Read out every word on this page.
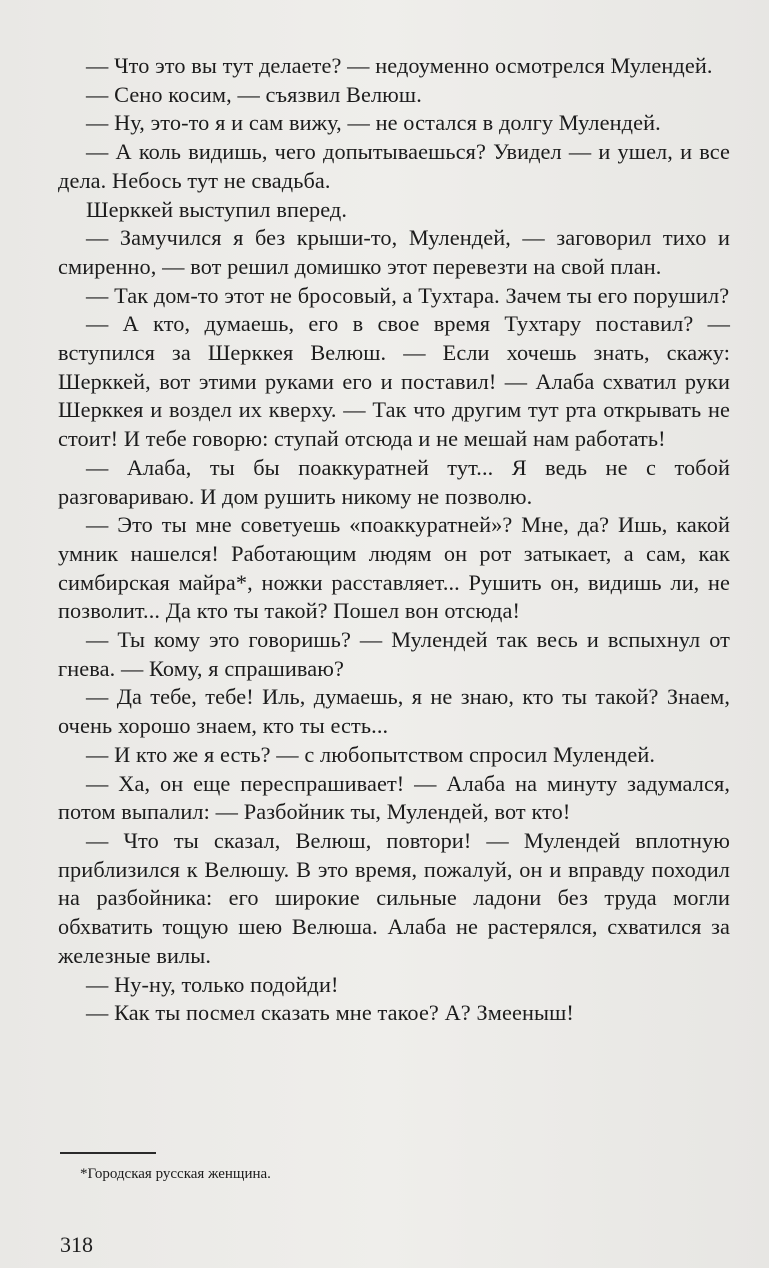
— Что это вы тут делаете? — недоуменно осмотрелся Мулендей.

— Сено косим, — съязвил Велюш.

— Ну, это-то я и сам вижу, — не остался в долгу Мулендей.

— А коль видишь, чего допытываешься? Увидел — и ушел, и все дела. Небось тут не свадьба.

Шерккей выступил вперед.

— Замучился я без крыши-то, Мулендей, — заговорил тихо и смиренно, — вот решил домишко этот перевезти на свой план.

— Так дом-то этот не бросовый, а Тухтара. Зачем ты его порушил?

— А кто, думаешь, его в свое время Тухтару поставил? — вступился за Шерккея Велюш. — Если хочешь знать, скажу: Шерккей, вот этими руками его и поставил! — Алаба схватил руки Шерккея и воздел их кверху. — Так что другим тут рта открывать не стоит! И тебе говорю: ступай отсюда и не мешай нам работать!

— Алаба, ты бы поаккуратней тут... Я ведь не с тобой разговариваю. И дом рушить никому не позволю.

— Это ты мне советуешь «поаккуратней»? Мне, да? Ишь, какой умник нашелся! Работающим людям он рот затыкает, а сам, как симбирская майра*, ножки расставляет... Рушить он, видишь ли, не позволит... Да кто ты такой? Пошел вон отсюда!

— Ты кому это говоришь? — Мулендей так весь и вспыхнул от гнева. — Кому, я спрашиваю?

— Да тебе, тебе! Иль, думаешь, я не знаю, кто ты такой? Знаем, очень хорошо знаем, кто ты есть...

— И кто же я есть? — с любопытством спросил Мулендей.

— Ха, он еще переспрашивает! — Алаба на минуту задумался, потом выпалил: — Разбойник ты, Мулендей, вот кто!

— Что ты сказал, Велюш, повтори! — Мулендей вплотную приблизился к Велюшу. В это время, пожалуй, он и вправду походил на разбойника: его широкие сильные ладони без труда могли обхватить тощую шею Велюша. Алаба не растерялся, схватился за железные вилы.

— Ну-ну, только подойди!

— Как ты посмел сказать мне такое? А? Змееныш!

*Городская русская женщина.
318
